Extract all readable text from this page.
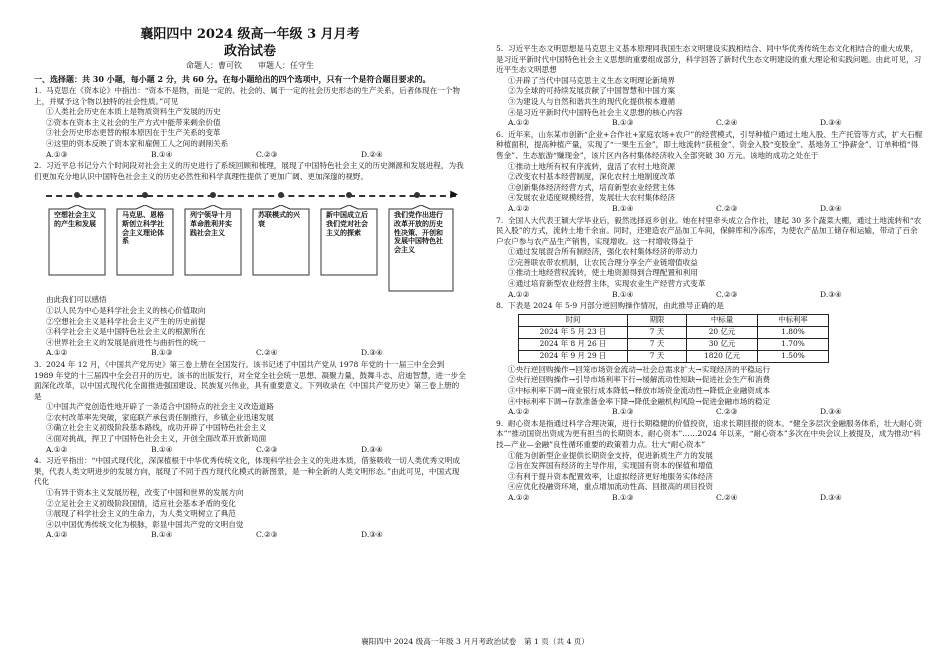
襄阳四中 2024 级高一年级 3 月月考
政治试卷
命题人：曹可钦　　审题人：任守生
一、选择题：共 30 小题，每小题 2 分，共 60 分。在每小题给出的四个选项中，只有一个是符合题目要求的。
1. 马克思在《资本论》中指出：“资本不是物，而是一定的、社会的、属于一定的社会历史形态的生产关系，后者体现在一个物上，并赋予这个物以独特的社会性质。”可见
①人类社会历史在本质上是物质资料生产发展的历史
②资本在资本主义社会的生产方式中能带来剩余价值
③社会历史形态更替的根本原因在于生产关系的变革
④这里的资本反映了资本家和雇佣工人之间的剥削关系
A.①③	B.①④	C.②③	D.②④
2. 习近平总书记分六个时间段对社会主义的历史进行了系统回顾和梳理，展现了中国特色社会主义的历史渊源和发展进程，为我们更加充分地认识中国特色社会主义的历史必然性和科学真理性提供了更加广阔、更加深邃的视野。
▶
空想社会主义的产生和发展
马克思、恩格斯创立科学社会主义理论体系
列宁领导十月革命胜利并实践社会主义
苏联模式的兴衰
新中国成立后我们党对社会主义的探索
我们党作出进行改革开放的历史性决策、开创和发展中国特色社会主义
由此我们可以感悟
①以人民为中心是科学社会主义的核心价值取向
②空想社会主义是科学社会主义产生的历史前提
③科学社会主义是中国特色社会主义的根源所在
④世界社会主义的发展是前进性与曲折性的统一
A.①②	B.①③	C.②④	D.③④
3. 2024 年 12 月，《中国共产党历史》第三卷上册在全国发行。该书记述了中国共产党从 1978 年党的十一届三中全会到 1989 年党的十三届四中全会召开的历史。该书的出版发行，对全党全社会统一思想、凝聚力量，鼓舞斗志、启迪智慧，进一步全面深化改革，以中国式现代化全面推进强国建设、民族复兴伟业，具有重要意义。下列收录在《中国共产党历史》第三卷上册的是
①中国共产党创造性地开辟了一条适合中国特点的社会主义改造道路
②农村改革率先突破，家庭联产承包责任制推行，乡镇企业迅速发展
③确立社会主义初级阶段基本路线，成功开辟了中国特色社会主义
④面对挑战，捍卫了中国特色社会主义，开创全面改革开放新局面
A.①②	B.①④	C.②③	D.③④
4. 习近平指出：“中国式现代化，深深植根于中华优秀传统文化，体现科学社会主义的先进本质，借鉴吸收一切人类优秀文明成果，代表人类文明进步的发展方向，展现了不同于西方现代化模式的新图景，是一种全新的人类文明形态。”由此可见，中国式现代化
①有异于资本主义发展历程，改变了中国和世界的发展方向
②立足社会主义初级阶段国情，适应社会基本矛盾的变化
③展现了科学社会主义的生命力，为人类文明树立了典范
④以中国优秀传统文化为根脉，彰显中国共产党的文明自觉
A.①②	B.①④	C.②③	D.③④
5. 习近平生态文明思想是马克思主义基本原理同我国生态文明建设实践相结合、同中华优秀传统生态文化相结合的重大成果，是习近平新时代中国特色社会主义思想的重要组成部分，科学回答了新时代生态文明建设的重大理论和实践问题。由此可见，习近平生态文明思想
①开辟了当代中国马克思主义生态文明理论新境界
②为全球的可持续发展贡献了中国智慧和中国方案
③为建设人与自然和谐共生的现代化提供根本遵循
④是习近平新时代中国特色社会主义思想的核心内容
A.①②	B.①③	C.②④	D.③④
6. 近年来，山东某市创新“企业+合作社+家庭农场+农户”的经营模式，引导种植户通过土地入股、生产托管等方式，扩大石榴种植面积，提高种植产量，实现了“一果生五金”，即土地流转“获租金”、资金入股“变股金”、基地务工“挣薪金”、订单种植“得售金”、生态旅游“赚现金”，该片区内各村集体经济收入全部突破 30 万元。该地的成功之处在于
①推动土地所有权有序流转，盘活了农村土地资源
②改变农村基本经营制度，深化农村土地制度改革
③创新集体经济经营方式，培育新型农业经营主体
④发展农业适度规模经营，发展壮大农村集体经济
A.①②	B.①④	C.②③	D.③④
7. 全国人大代表王颖大学毕业后，毅然选择返乡创业。她在村里牵头成立合作社，建起 30 多个蔬菜大棚，通过土地流转和“农民入股”的方式，流转土地千余亩。同时，还建造农产品加工车间，保鲜库和冷冻库，为使农产品加工储存和运输，带动了百余户农户参与农产品生产销售，实现增收。这一村增收得益于
①通过发展混合所有制经济，强化农村集体经济的带动力
②完善联农带农机制，让农民合理分享全产业链增值收益
③推动土地经营权流转，使土地资源得到合理配置和利用
④通过培育新型农业经营主体，实现农业生产经营方式变革
A.①②	B.①④	C.②③	D.③④
8. 下表是 2024 年 5-9 月部分逆回购操作情况，由此推导正确的是
时间	期限	中标量	中标利率
2024 年 5 月 23 日	7 天	20 亿元	1.80%
2024 年 8 月 26 日	7 天	30 亿元	1.70%
2024 年 9 月 29 日	7 天	1820 亿元	1.50%
①央行逆回购操作→回笼市场资金流动→社会总需求扩大→实现经济的平稳运行
②央行逆回购操作→引导市场利率下行→缓解流动性短缺→促进社会生产和消费
③中标利率下调→商业银行成本降低→释放市场资金流动性→降低企业融资成本
④中标利率下调→存款准备金率下降→降低金融机构风险→促进金融市场的稳定
A.①②	B.①③	C.②③	D.③④
9. 耐心资本是指通过科学合理决策，进行长期稳健的价值投资，追求长期回报的资本。“健全多层次金融服务体系，壮大耐心资本”“推动国资出资成为更有担当的长期资本、耐心资本”……2024 年以来，“耐心资本”多次在中央会议上被提及，成为推动“科技—产业—金融”良性循环重要的政策着力点。壮大“耐心资本”
①能为创新型企业提供长期资金支持，促进新质生产力的发展
②旨在发挥国有经济的主导作用，实现国有资本的保值和增值
③有利于提升资本配置效率，让虚拟经济更好地服务实体经济
④应优化投融资环境，重点增加流动性高、回报高的项目投资
A.①②	B.①③	C.②④	D.③④
襄阳四中 2024 级高一年级 3 月月考政治试卷　第 1 页（共 4 页）
